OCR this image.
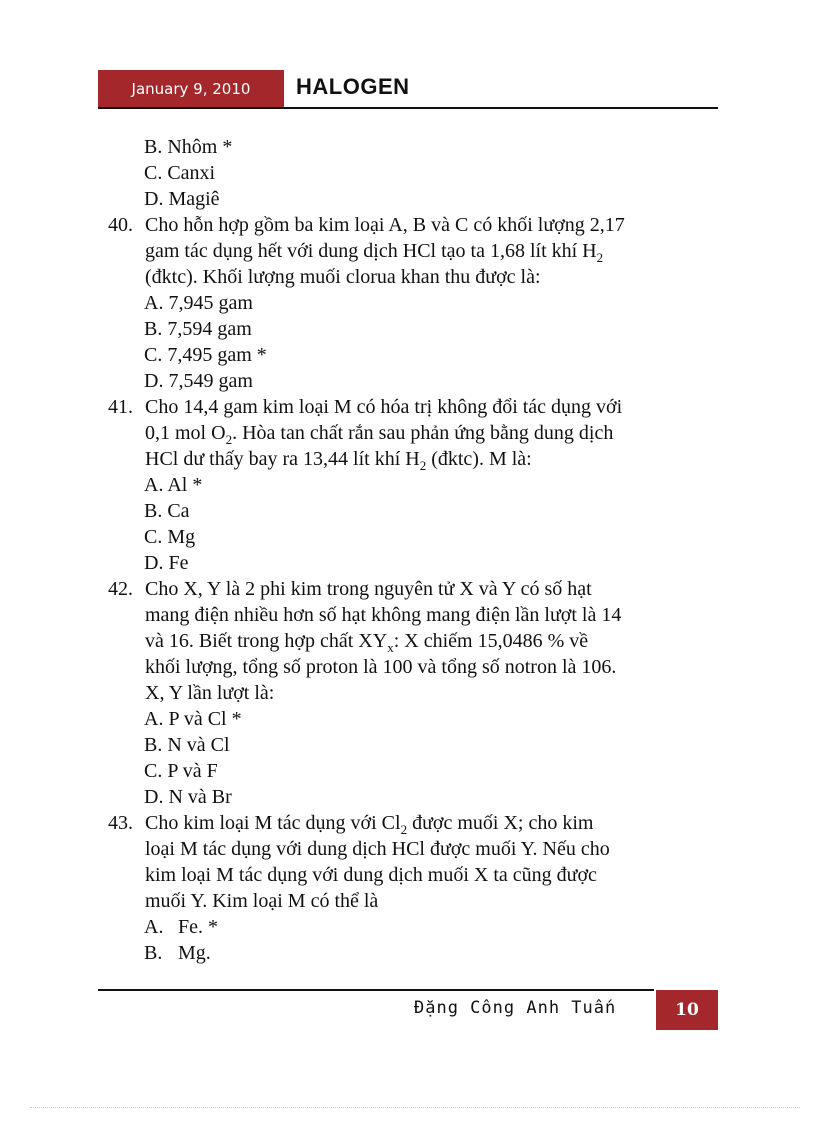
January 9, 2010 HALOGEN
B. Nhôm *
C. Canxi
D. Magiê
40. Cho hỗn hợp gồm ba kim loại A, B và C có khối lượng 2,17
gam tác dụng hết với dung dịch HCl tạo ta 1,68 lít khí $H_2$
(đktc). Khối lượng muối clorua khan thu được là:
A. 7,945 gam
B. 7,594 gam
C. 7,495 gam *
D. 7,549 gam
41. Cho 14,4 gam kim loại M có hóa trị không đổi tác dụng với
0,1 mol $O_2$. Hòa tan chất rắn sau phản ứng bằng dung dịch
HCl dư thấy bay ra 13,44 lít khí $H_2$ (đktc). M là:
A. Al *
B. Ca
C. Mg
D. Fe
42. Cho X, Y là 2 phi kim trong nguyên tử X và Y có số hạt
mang điện nhiều hơn số hạt không mang điện lần lượt là 14
và 16. Biết trong hợp chất $XY_x$: X chiếm 15,0486 % về
khối lượng, tổng số proton là 100 và tổng số notron là 106.
X, Y lần lượt là:
A. P và Cl *
B. N và Cl
C. P và F
D. N và Br
43. Cho kim loại M tác dụng với $Cl_2$ được muối X; cho kim
loại M tác dụng với dung dịch HCl được muối Y. Nếu cho
kim loại M tác dụng với dung dịch muối X ta cũng được
muối Y. Kim loại M có thể là
A. Fe. *
B. Mg.
Đặng Công Anh Tuấn	10
